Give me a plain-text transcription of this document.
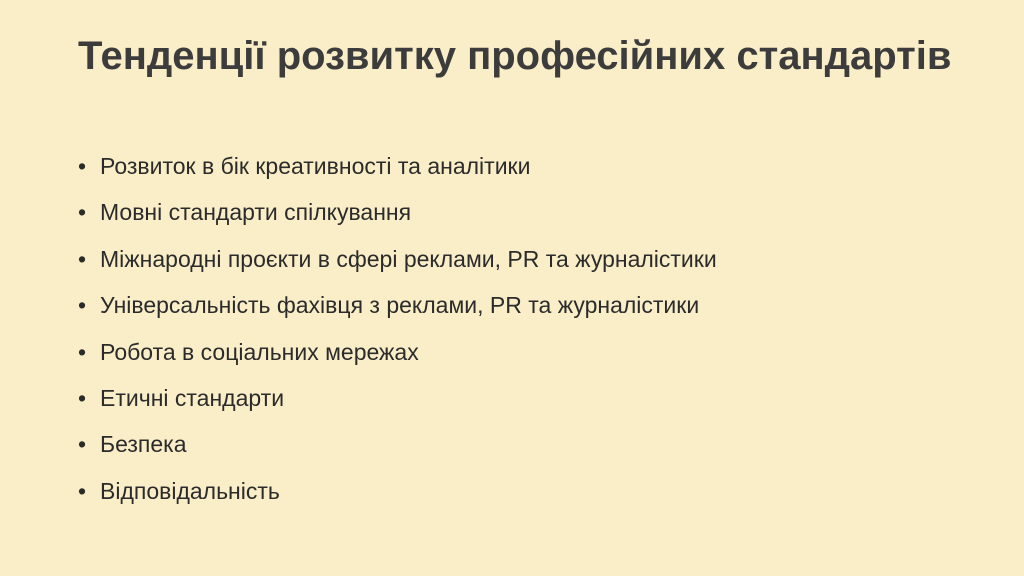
Тенденції розвитку професійних стандартів
• Розвиток в бік креативності та аналітики
• Мовні стандарти спілкування
• Міжнародні проєкти в сфері реклами, PR та журналістики
• Універсальність фахівця з реклами, PR та журналістики
• Робота в соціальних мережах
• Етичні стандарти
• Безпека
• Відповідальність
